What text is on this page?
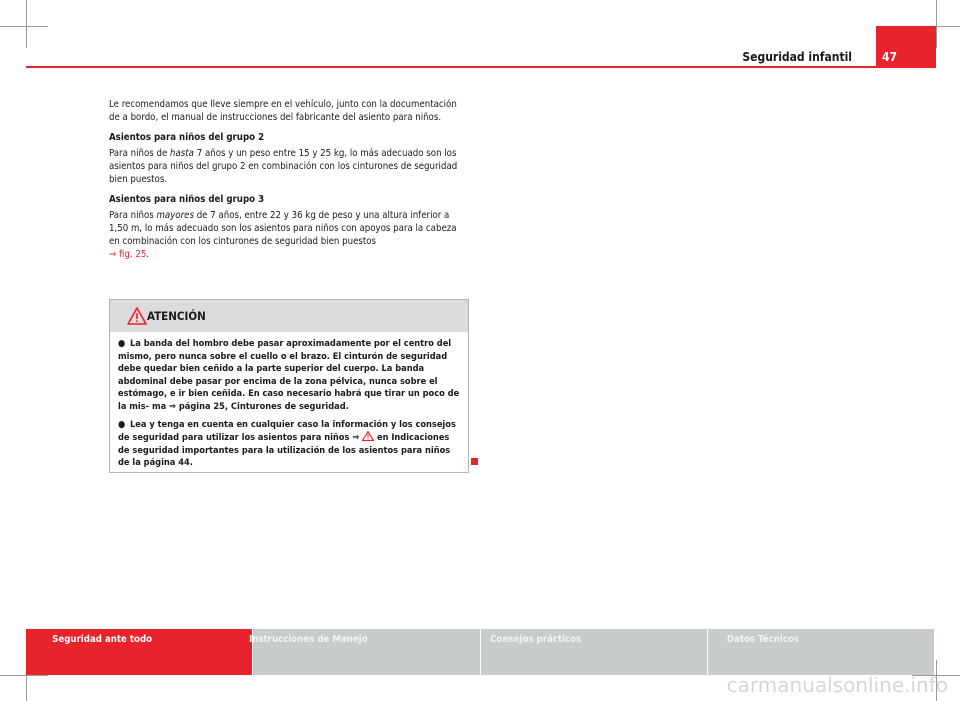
Seguridad infantil	47

Le recomendamos que lleve siempre en el vehículo, junto con la documentación de a bordo, el manual de instrucciones del fabricante del asiento para niños.

Asientos para niños del grupo 2

Para niños de hasta 7 años y un peso entre 15 y 25 kg, lo más adecuado son los asientos para niños del grupo 2 en combinación con los cinturones de seguridad bien puestos.

Asientos para niños del grupo 3

Para niños mayores de 7 años, entre 22 y 36 kg de peso y una altura inferior a 1,50 m, lo más adecuado son los asientos para niños con apoyos para la cabeza en combinación con los cinturones de seguridad bien puestos
⇒ fig. 25.

ATENCIÓN

● La banda del hombro debe pasar aproximadamente por el centro del mismo, pero nunca sobre el cuello o el brazo. El cinturón de seguridad debe quedar bien ceñido a la parte superior del cuerpo. La banda abdominal debe pasar por encima de la zona pélvica, nunca sobre el estómago, e ir bien ceñida. En caso necesario habrá que tirar un poco de la mis- ma ⇒ página 25, Cinturones de seguridad.

● Lea y tenga en cuenta en cualquier caso la información y los consejos de seguridad para utilizar los asientos para niños ⇒  en Indicaciones de seguridad importantes para la utilización de los asientos para niños de la página 44.

Seguridad ante todo	Instrucciones de Manejo	Consejos prácticos	Datos Técnicos
carmanualsonline.info
